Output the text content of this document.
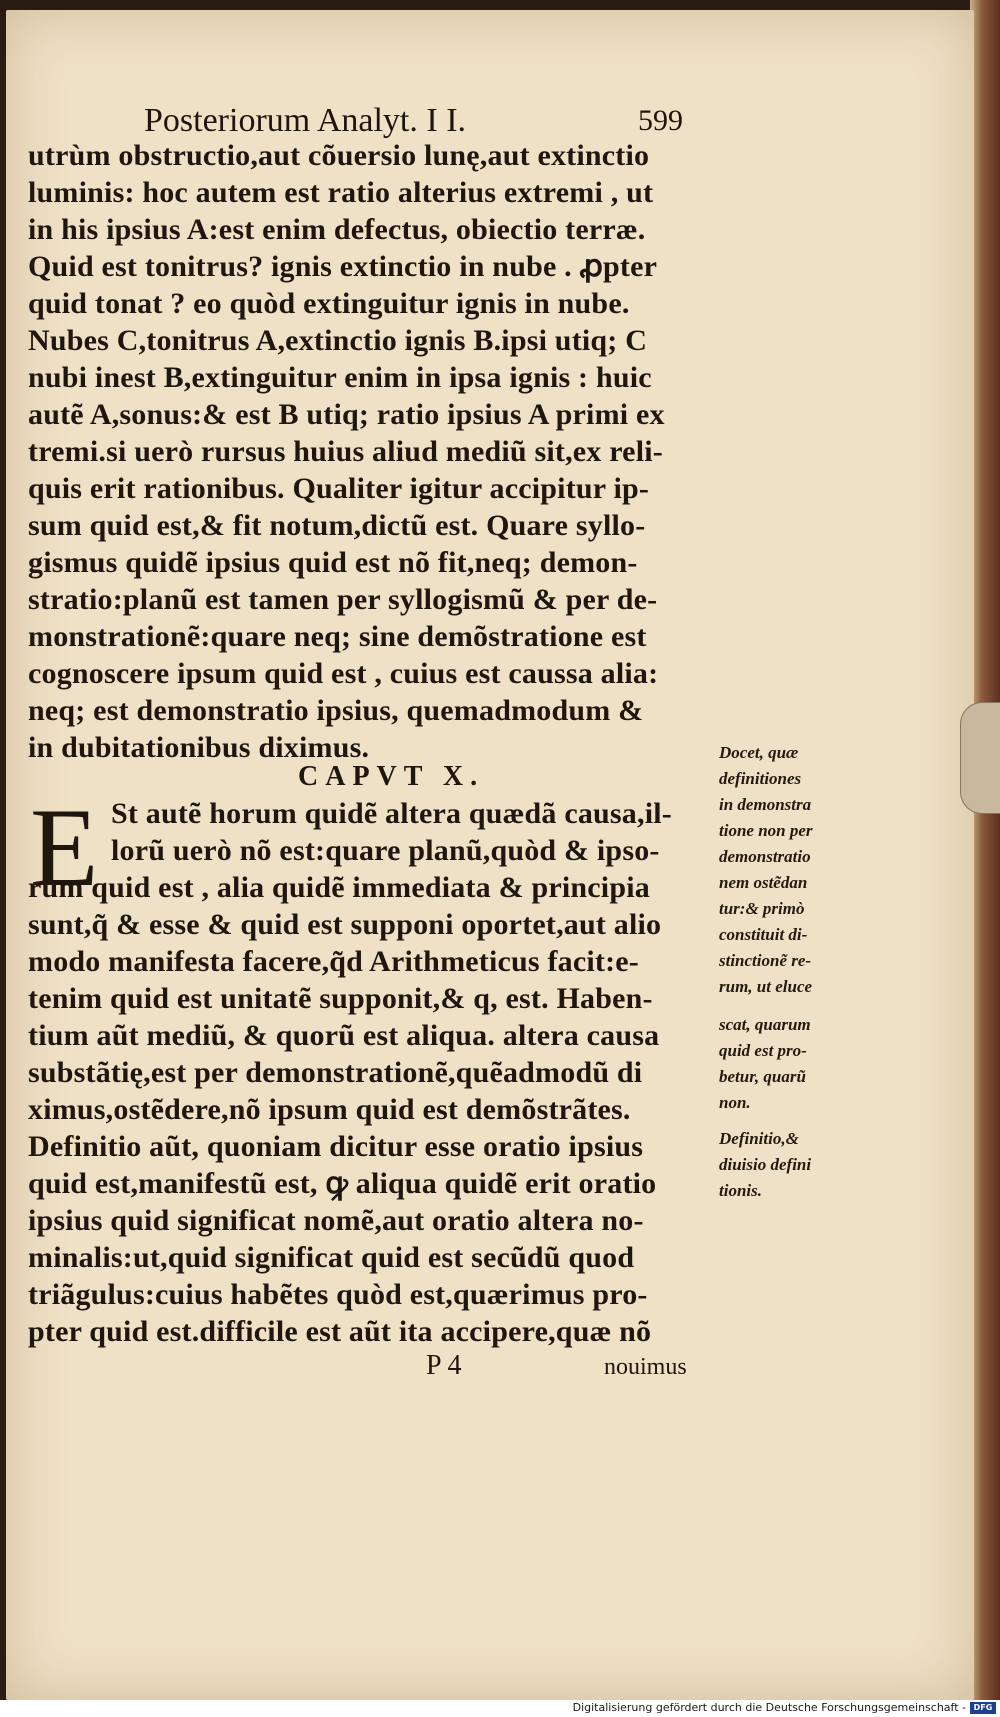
Posteriorum Analyt. I I.	599
utrùm obstructio,aut cõuersio lunę,aut extinctio
luminis: hoc autem est ratio alterius extremi , ut
in his ipsius A:est enim defectus, obiectio terræ.
Quid est tonitrus? ignis extinctio in nube . ꝓpter
quid tonat ? eo quòd extinguitur ignis in nube.
Nubes C,tonitrus A,extinctio ignis B.ipsi utiq; C
nubi inest B,extinguitur enim in ipsa ignis : huic
autẽ A,sonus:& est B utiq; ratio ipsius A primi ex
tremi.si uerò rursus huius aliud mediũ sit,ex reli-
quis erit rationibus. Qualiter igitur accipitur ip-
sum quid est,& fit notum,dictũ est. Quare syllo-
gismus quidẽ ipsius quid est nõ fit,neq; demon-
stratio:planũ est tamen per syllogismũ & per de-
monstrationẽ:quare neq; sine demõstratione est
cognoscere ipsum quid est , cuius est caussa alia:
neq; est demonstratio ipsius, quemadmodum &
in dubitationibus diximus.
CAPVT X.
E St autẽ horum quidẽ altera quædã causa,il-
lorũ uerò nõ est:quare planũ,quòd & ipso-
rum quid est , alia quidẽ immediata & principia
sunt,q̃ & esse & quid est supponi oportet,aut alio
modo manifesta facere,q̃d Arithmeticus facit:e-
tenim quid est unitatẽ supponit,& q, est. Haben-
tium aũt mediũ, & quorũ est aliqua. altera causa
substãtię,est per demonstrationẽ,quẽadmodũ di
ximus,ostẽdere,nõ ipsum quid est demõstrãtes.
Definitio aũt, quoniam dicitur esse oratio ipsius
quid est,manifestũ est, ꝙ aliqua quidẽ erit oratio
ipsius quid significat nomẽ,aut oratio altera no-
minalis:ut,quid significat quid est secũdũ quod
triãgulus:cuius habẽtes quòd est,quærimus pro-
pter quid est.difficile est aũt ita accipere,quæ nõ
Docet, quæ
definitiones
in demonstra
tione non per
demonstratio
nem ostẽdan
tur:& primò
constituit di-
stinctionẽ re-
rum, ut eluce
scat, quarum
quid est pro-
betur, quarũ
non.
Definitio,&
diuisio defini
tionis.
P 4	nouimus
Digitalisierung gefördert durch die Deutsche Forschungsgemeinschaft - DFG
